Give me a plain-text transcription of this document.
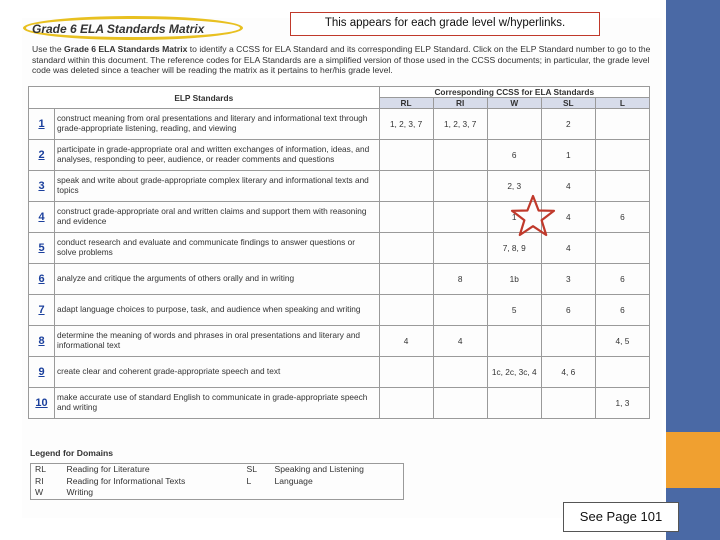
Grade 6 ELA Standards Matrix	This appears for each grade level w/hyperlinks.
Use the Grade 6 ELA Standards Matrix to identify a CCSS for ELA Standard and its corresponding ELP Standard. Click on the ELP Standard number to go to the standard within this document. The reference codes for ELA Standards are a simplified version of those used in the CCSS documents; in particular, the grade level code was deleted since a teacher will be reading the matrix as it pertains to her/his grade level.
ELP Standards		Corresponding CCSS for ELA Standards				
		RL	RI	W	SL	L
1	construct meaning from oral presentations and literary and informational text through grade-appropriate listening, reading, and viewing	1, 2, 3, 7	1, 2, 3, 7		2	
2	participate in grade-appropriate oral and written exchanges of information, ideas, and analyses, responding to peer, audience, or reader comments and questions			6	1	
3	speak and write about grade-appropriate complex literary and informational texts and topics			2, 3	4	
4	construct grade-appropriate oral and written claims and support them with reasoning and evidence			1	4	6
5	conduct research and evaluate and communicate findings to answer questions or solve problems			7, 8, 9	4	
6	analyze and critique the arguments of others orally and in writing		8	1b	3	6
7	adapt language choices to purpose, task, and audience when speaking and writing			5	6	6
8	determine the meaning of words and phrases in oral presentations and literary and informational text	4	4			4, 5
9	create clear and coherent grade-appropriate speech and text			1c, 2c, 3c, 4	4, 6	
10	make accurate use of standard English to communicate in grade-appropriate speech and writing					1, 3
Legend for Domains
RL	Reading for Literature	SL	Speaking and Listening
RI	Reading for Informational Texts	L	Language
W	Writing		
See Page 101
